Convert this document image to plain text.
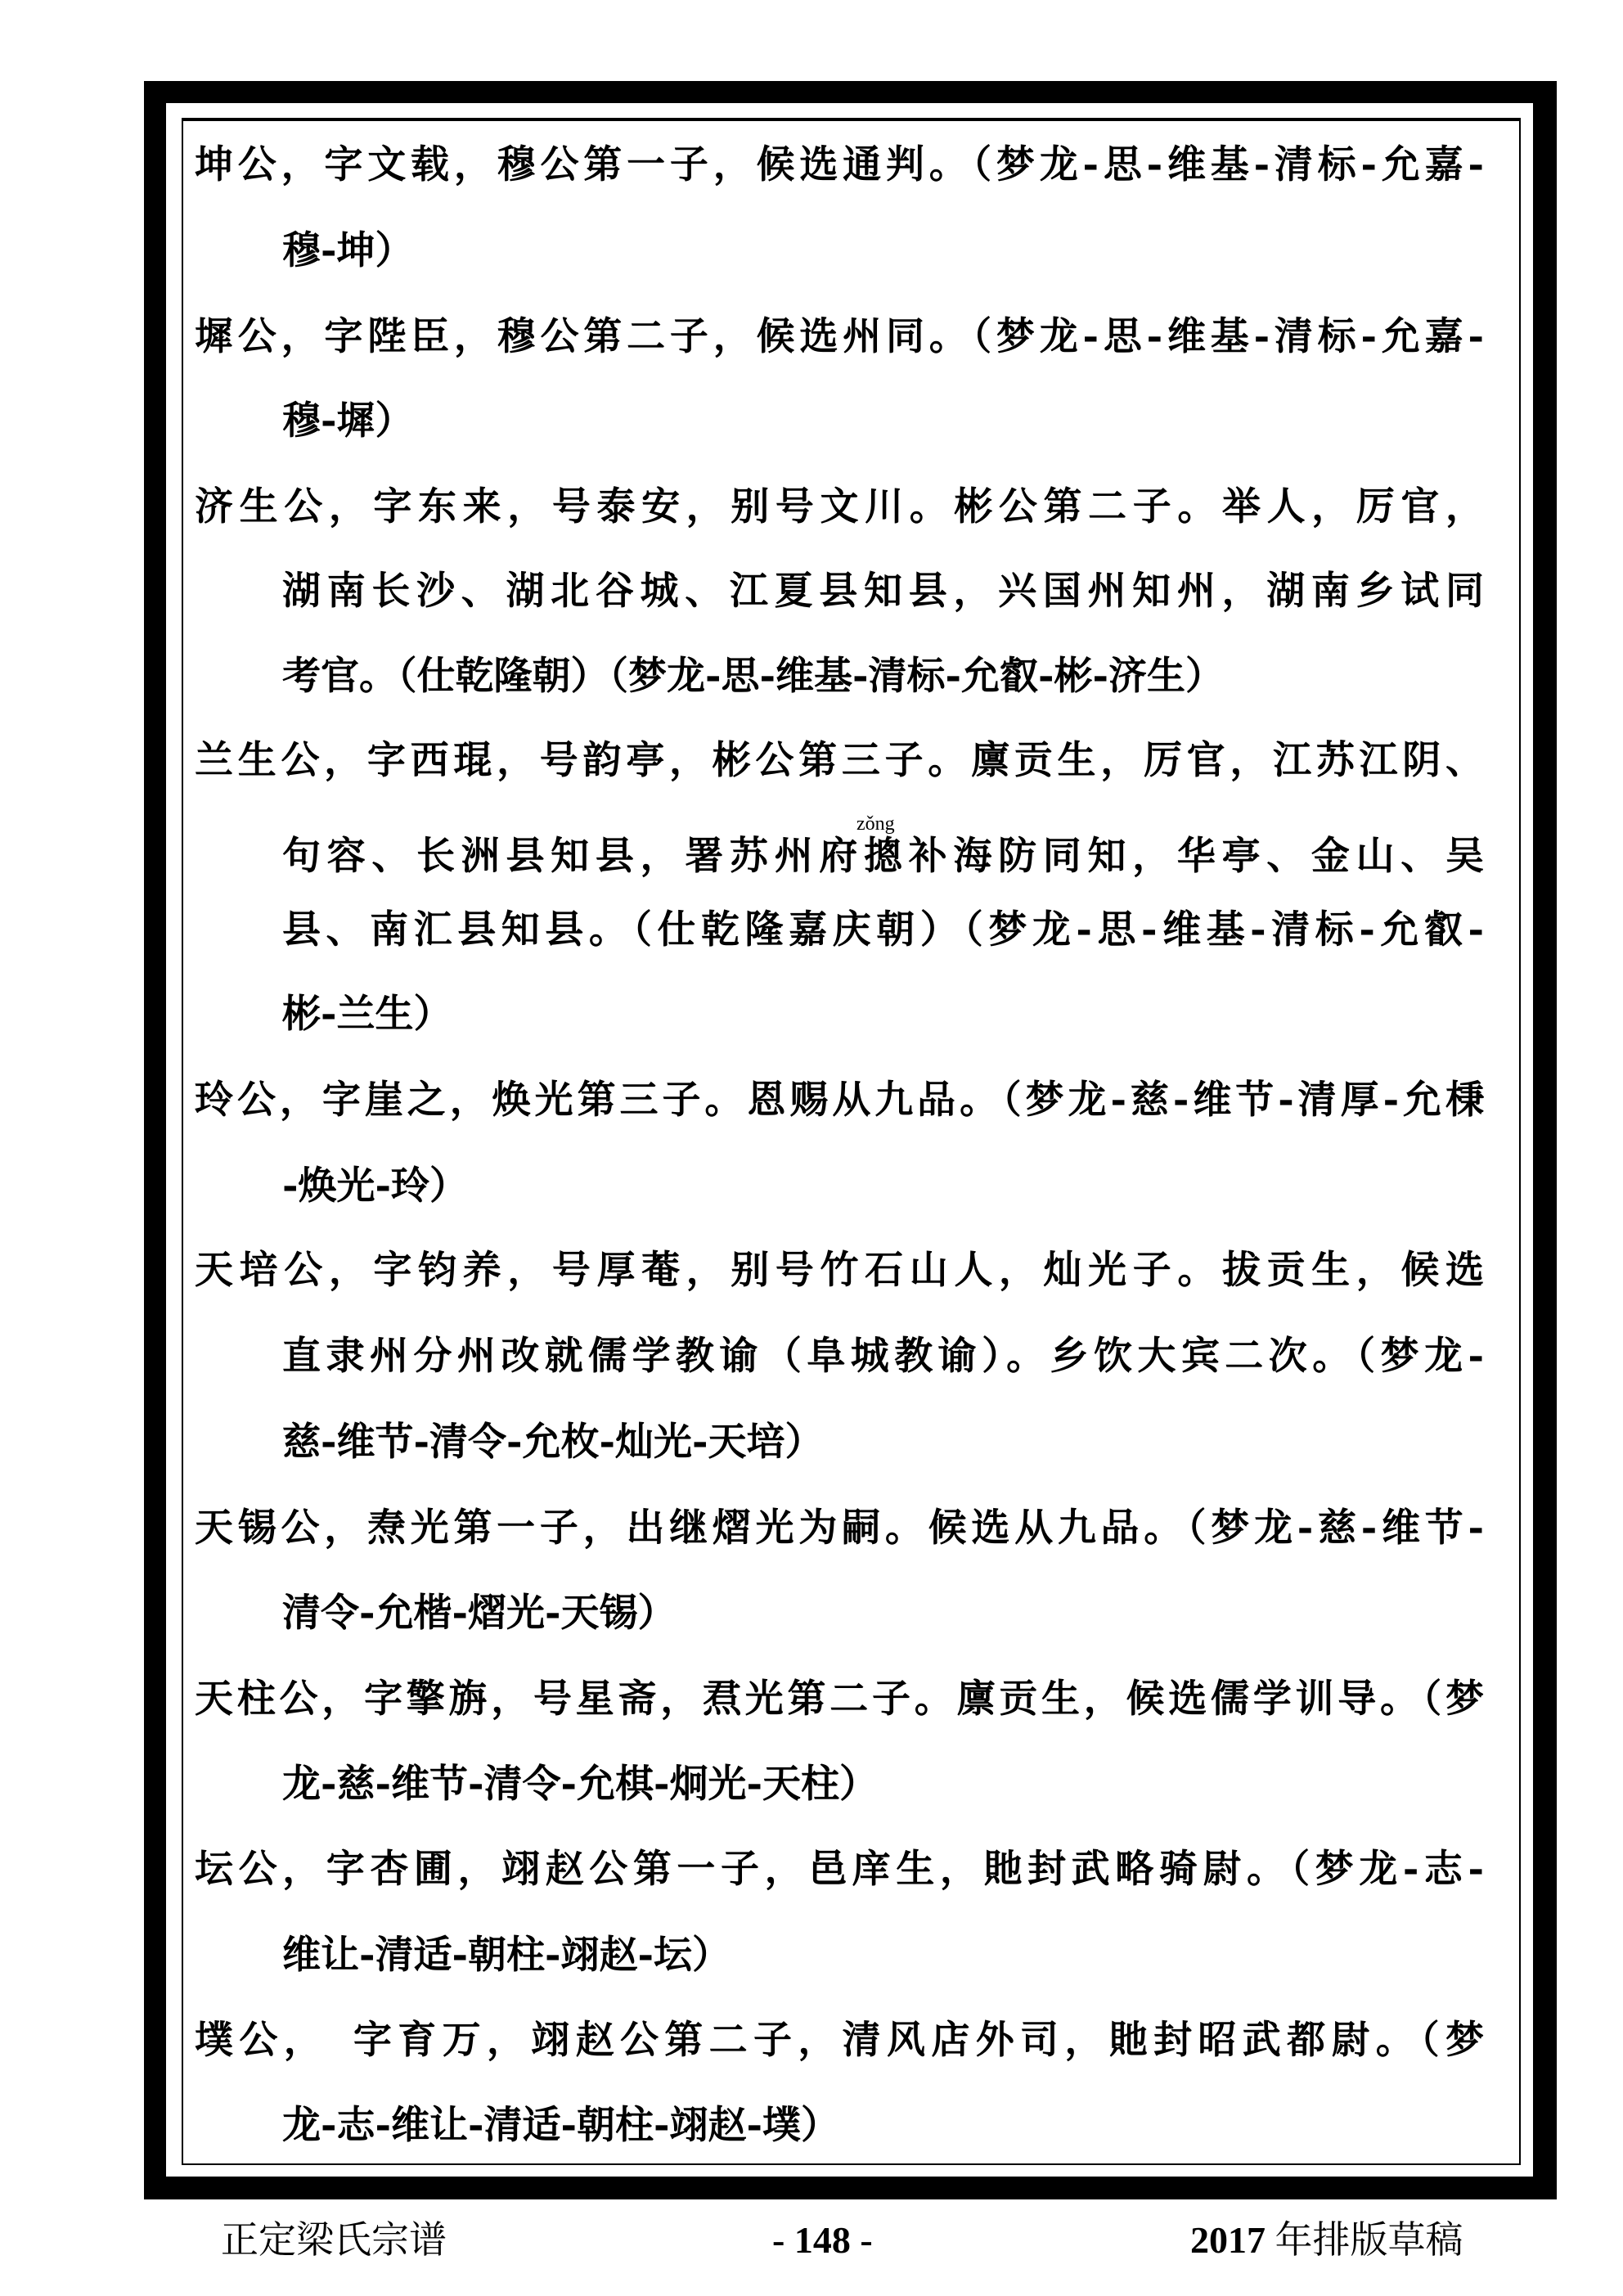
坤公，字文载，穆公第一子，候选通判。（梦龙-思-维基-清标-允嘉-
穆-坤）
墀公，字陛臣，穆公第二子，候选州同。（梦龙-思-维基-清标-允嘉-
穆-墀）
济生公，字东来，号泰安，别号文川。彬公第二子。举人，厉官，
湖南长沙、湖北谷城、江夏县知县，兴国州知州，湖南乡试同
考官。（仕乾隆朝）（梦龙-思-维基-清标-允叡-彬-济生）
兰生公，字西琨，号韵亭，彬公第三子。廪贡生，厉官，江苏江阴、
zǒng
句容、长洲县知县，署苏州府摠补海防同知，华亭、金山、吴
县、南汇县知县。（仕乾隆嘉庆朝）（梦龙-思-维基-清标-允叡-
彬-兰生）
玲公，字崖之，焕光第三子。恩赐从九品。（梦龙-慈-维节-清厚-允棅
-焕光-玲）
天培公，字钧养，号厚菴，别号竹石山人，灿光子。拔贡生，候选
直隶州分州改就儒学教谕（阜城教谕）。乡饮大宾二次。（梦龙-
慈-维节-清令-允枚-灿光-天培）
天锡公，焘光第一子，出继熠光为嗣。候选从九品。（梦龙-慈-维节-
清令-允楷-熠光-天锡）
天柱公，字擎旃，号星斋，焄光第二子。廪贡生，候选儒学训导。（梦
龙-慈-维节-清令-允棋-炯光-天柱）
坛公，字杏圃，翊赵公第一子，邑庠生，貤封武略骑尉。（梦龙-志-
维让-清适-朝柱-翊赵-坛）
墣公，　字育万，翊赵公第二子，清风店外司，貤封昭武都尉。（梦
龙-志-维让-清适-朝柱-翊赵-墣）
正定梁氏宗谱	- 148 -	2017 年排版草稿
